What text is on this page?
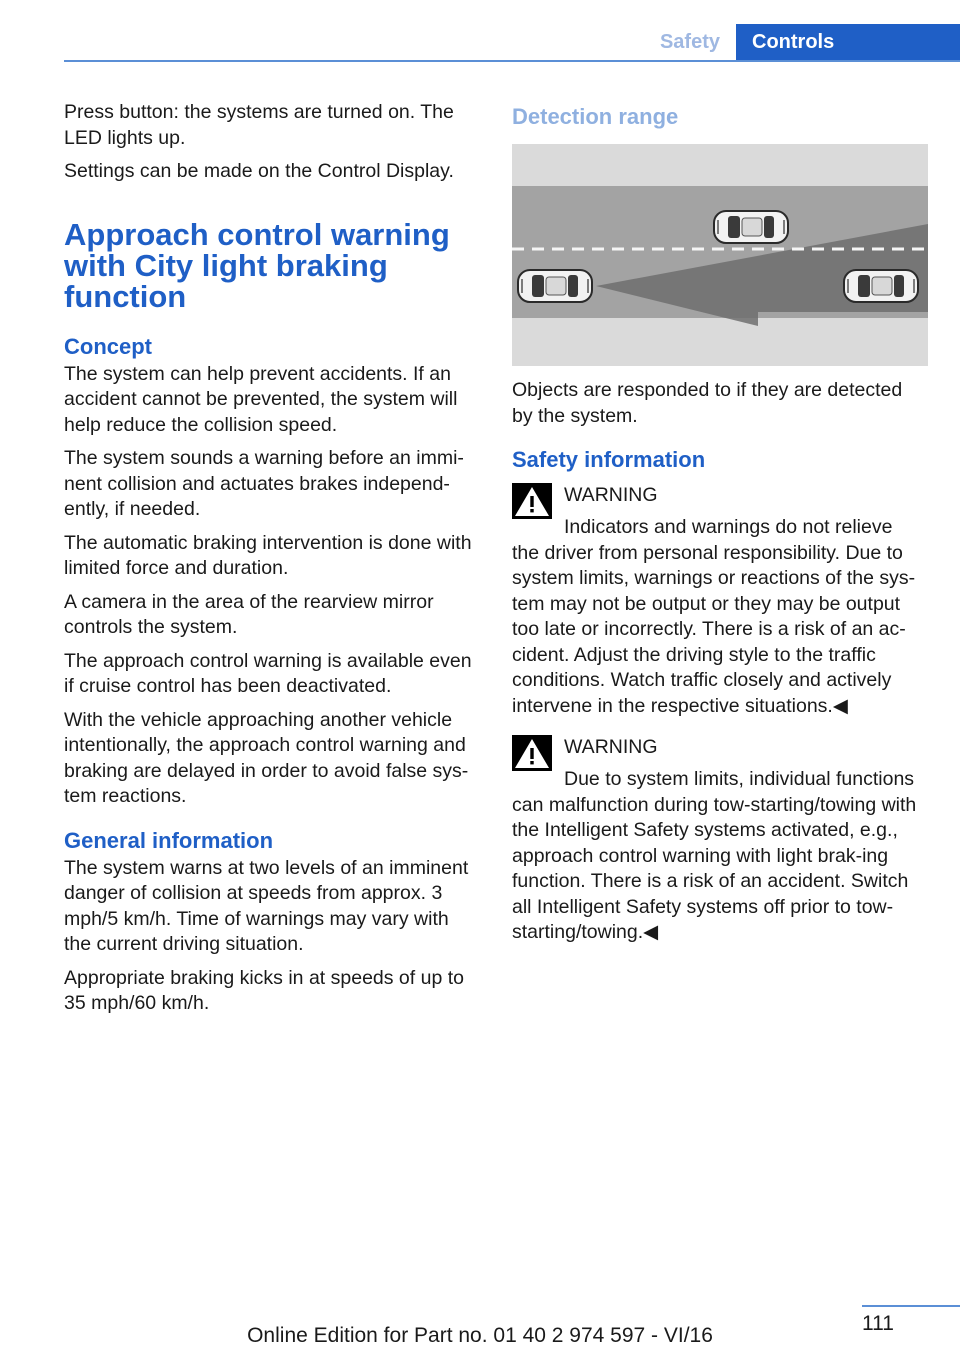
Safety	Controls

Press button: the systems are turned on. The LED lights up.

Settings can be made on the Control Display.

Approach control warning with City light braking function
Concept

The system can help prevent accidents. If an accident cannot be prevented, the system will help reduce the collision speed.

The system sounds a warning before an immi‐nent collision and actuates brakes independ‐ently, if needed.

The automatic braking intervention is done with limited force and duration.

A camera in the area of the rearview mirror controls the system.

The approach control warning is available even if cruise control has been deactivated.

With the vehicle approaching another vehicle intentionally, the approach control warning and braking are delayed in order to avoid false sys‐tem reactions.

General information

The system warns at two levels of an imminent danger of collision at speeds from approx. 3 mph/5 km/h. Time of warnings may vary with the current driving situation.

Appropriate braking kicks in at speeds of up to 35 mph/60 km/h.

Detection range

Objects are responded to if they are detected by the system.

Safety information
WARNING
Indicators and warnings do not relieve

the driver from personal responsibility. Due to system limits, warnings or reactions of the sys‐tem may not be output or they may be output too late or incorrectly. There is a risk of an ac‐cident. Adjust the driving style to the traffic conditions. Watch traffic closely and actively intervene in the respective situations.◀

WARNING
Due to system limits, individual functions

can malfunction during tow-starting/towing with the Intelligent Safety systems activated, e.g., approach control warning with light brak‐ing function. There is a risk of an accident. Switch all Intelligent Safety systems off prior to tow-starting/towing.◀

111
Online Edition for Part no. 01 40 2 974 597 - VI/16
